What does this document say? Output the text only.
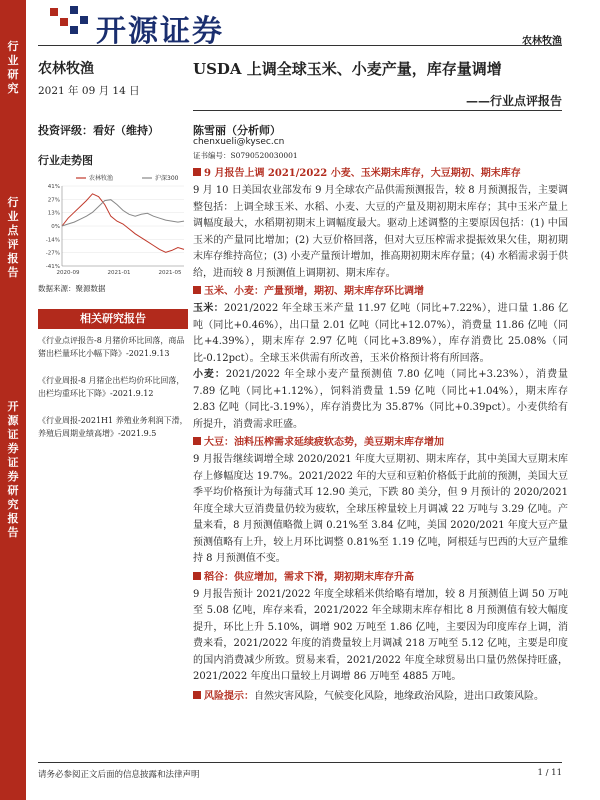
行业研究
行业点评报告
开源证券 证券研究报告
开源证券	农林牧渔
农林牧渔
2021 年 09 月 14 日
投资评级：看好（维持）
行业走势图
41%
27%
13%
0%
-14%
-27%
-41%
2020-09	2021-01	2021-05
农林牧渔	沪深300
数据来源：聚源数据
相关研究报告
《行业点评报告-8 月猪价环比回落，商品猪出栏量环比小幅下降》-2021.9.13
《行业周报-8 月猪企出栏均价环比回落，出栏均重环比下降》-2021.9.12
《行业周报-2021H1 养殖业务利润下滑，养殖后周期业绩高增》-2021.9.5
USDA 上调全球玉米、小麦产量，库存量调增
——行业点评报告
陈雪丽（分析师）
chenxueli@kysec.cn
证书编号：S0790520030001
9 月报告上调 2021/2022 小麦、玉米期末库存，大豆期初、期末库存

9 月 10 日美国农业部发布 9 月全球农产品供需预测报告，较 8 月预测报告，主要调整包括：上调全球玉米、水稻、小麦、大豆的产量及期初期末库存；其中玉米产量上调幅度最大，水稻期初期末上调幅度最大。驱动上述调整的主要原因包括：(1) 中国玉米的产量同比增加；(2) 大豆价格回落，但对大豆压榨需求提振效果欠佳，期初期末库存维持高位；(3) 小麦产量预计增加，推高期初期末库存量；(4) 水稻需求弱于供给，进而较 8 月预测值上调期初、期末库存。

玉米、小麦：产量预增，期初、期末库存环比调增

玉米：2021/2022 年全球玉米产量 11.97 亿吨（同比+7.22%），进口量 1.86 亿吨（同比+0.46%），出口量 2.01 亿吨（同比+12.07%），消费量 11.86 亿吨（同比+4.39%），期末库存 2.97 亿吨（同比+3.89%），库存消费比 25.08%（同比-0.12pct）。全球玉米供需有所改善，玉米价格预计将有所回落。

小麦：2021/2022 年全球小麦产量预测值 7.80 亿吨（同比+3.23%），消费量 7.89 亿吨（同比+1.12%），饲料消费量 1.59 亿吨（同比+1.04%），期末库存 2.83 亿吨（同比-3.19%），库存消费比为 35.87%（同比+0.39pct）。小麦供给有所提升，消费需求旺盛。

大豆：油料压榨需求延续疲软态势，美豆期末库存增加

9 月报告继续调增全球 2020/2021 年度大豆期初、期末库存，其中美国大豆期末库存上修幅度达 19.7%。2021/2022 年的大豆和豆粕价格低于此前的预测，美国大豆季平均价格预计为每蒲式耳 12.90 美元，下跌 80 美分，但 9 月预计的 2020/2021 年度全球大豆消费量仍较为疲软，全球压榨量较上月调减 22 万吨与 3.29 亿吨。产量来看，8 月预测值略微上调 0.21%至 3.84 亿吨，美国 2020/2021 年度大豆产量预测值略有上升，较上月环比调整 0.81%至 1.19 亿吨，阿根廷与巴西的大豆产量维持 8 月预测值不变。

稻谷：供应增加，需求下滑，期初期末库存升高

9 月报告预计 2021/2022 年度全球稻米供给略有增加，较 8 月预测值上调 50 万吨至 5.08 亿吨，库存来看，2021/2022 年全球期末库存相比 8 月预测值有较大幅度提升，环比上升 5.10%，调增 902 万吨至 1.86 亿吨，主要因为印度库存上调，消费来看，2021/2022 年度的消费量较上月调减 218 万吨至 5.12 亿吨，主要是印度的国内消费减少所致。贸易来看，2021/2022 年度全球贸易出口量仍然保持旺盛，2021/2022 年度出口量较上月调增 86 万吨至 4885 万吨。

风险提示：自然灾害风险，气候变化风险，地缘政治风险，进出口政策风险。
请务必参阅正文后面的信息披露和法律声明	1 / 11
